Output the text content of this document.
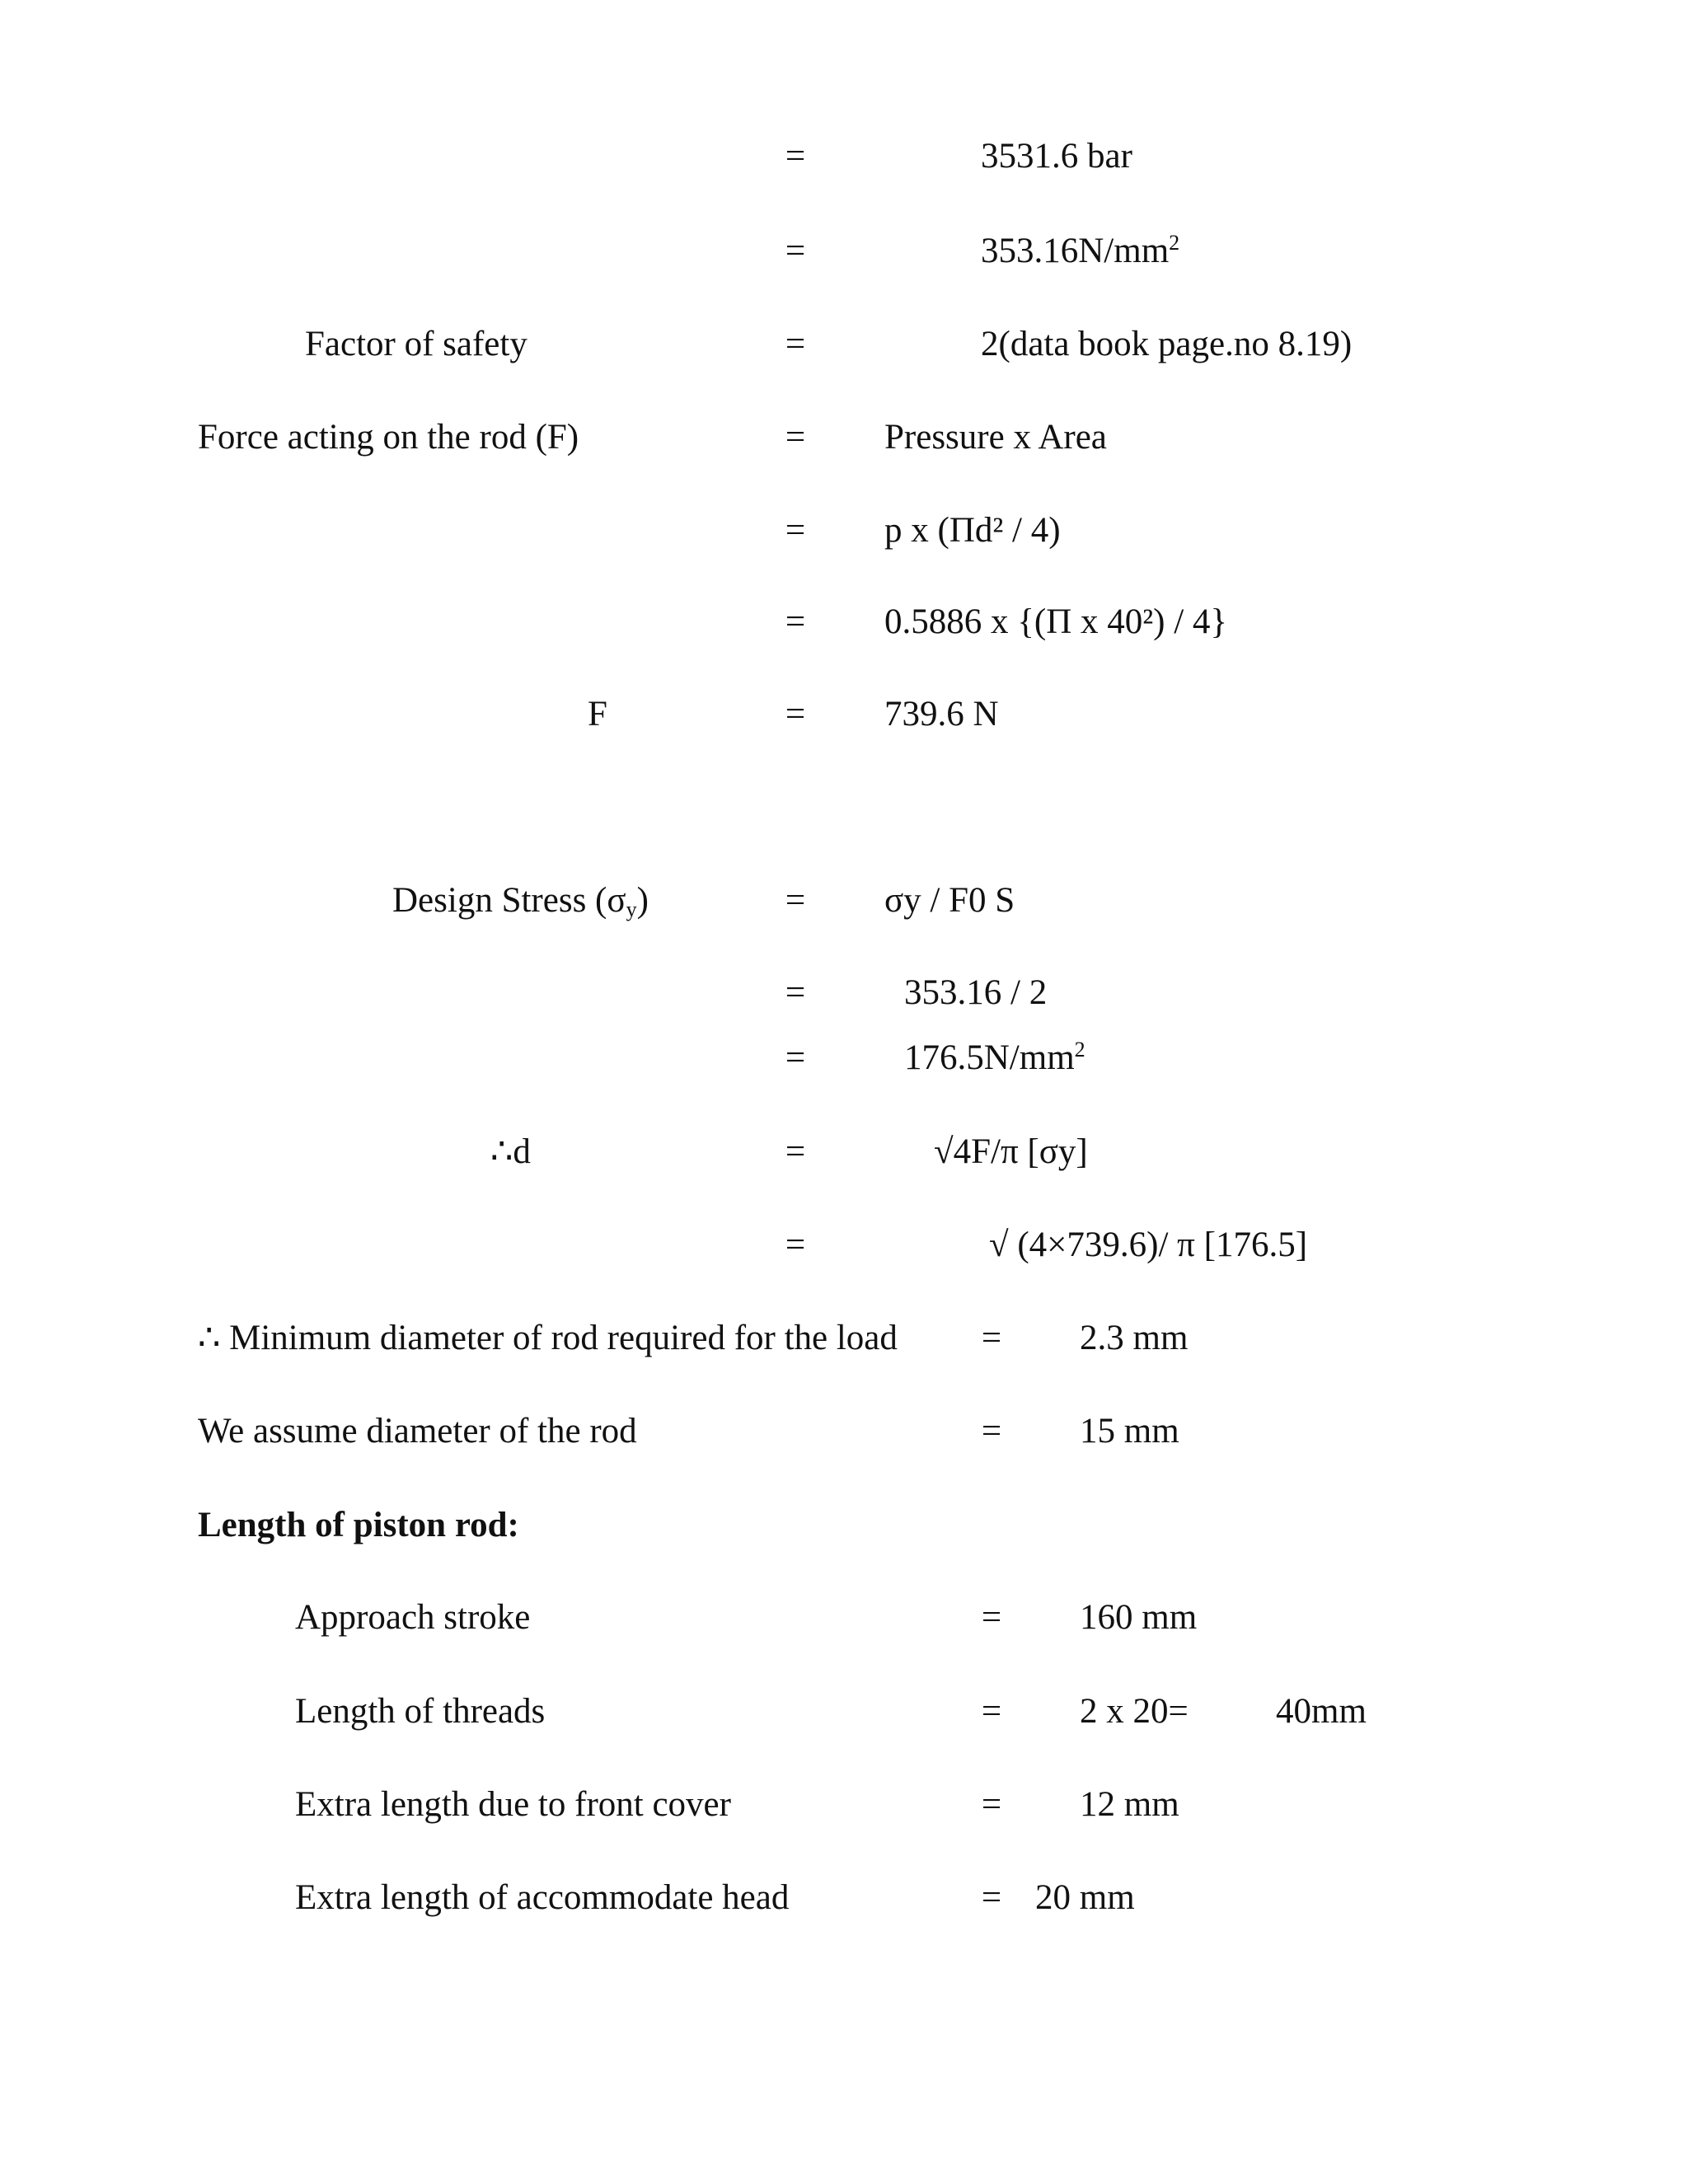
=	3531.6 bar
=	$353.16N/mm^2$
Factor of safety	=	2(data book page.no 8.19)
Force acting on the rod (F)	= Pressure x Area
= p x (Πd² / 4)
= 0.5886 x {(Π x 40²) / 4}
F	= 739.6 N
Design Stress $(\sigma_y)$	= σy / F0 S
=	353.16 / 2
=	$176.5N/mm^2$
∴d	=	√4F/π [σy]
=	√ (4×739.6)/ π [176.5]
∴ Minimum diameter of rod required for the load = 2.3 mm
We assume diameter of the rod	= 15 mm
Length of piston rod:
Approach stroke	= 160 mm
Length of threads	= 2 x 20= 40mm
Extra length due to front cover	= 12 mm
Extra length of accommodate head	= 20 mm
